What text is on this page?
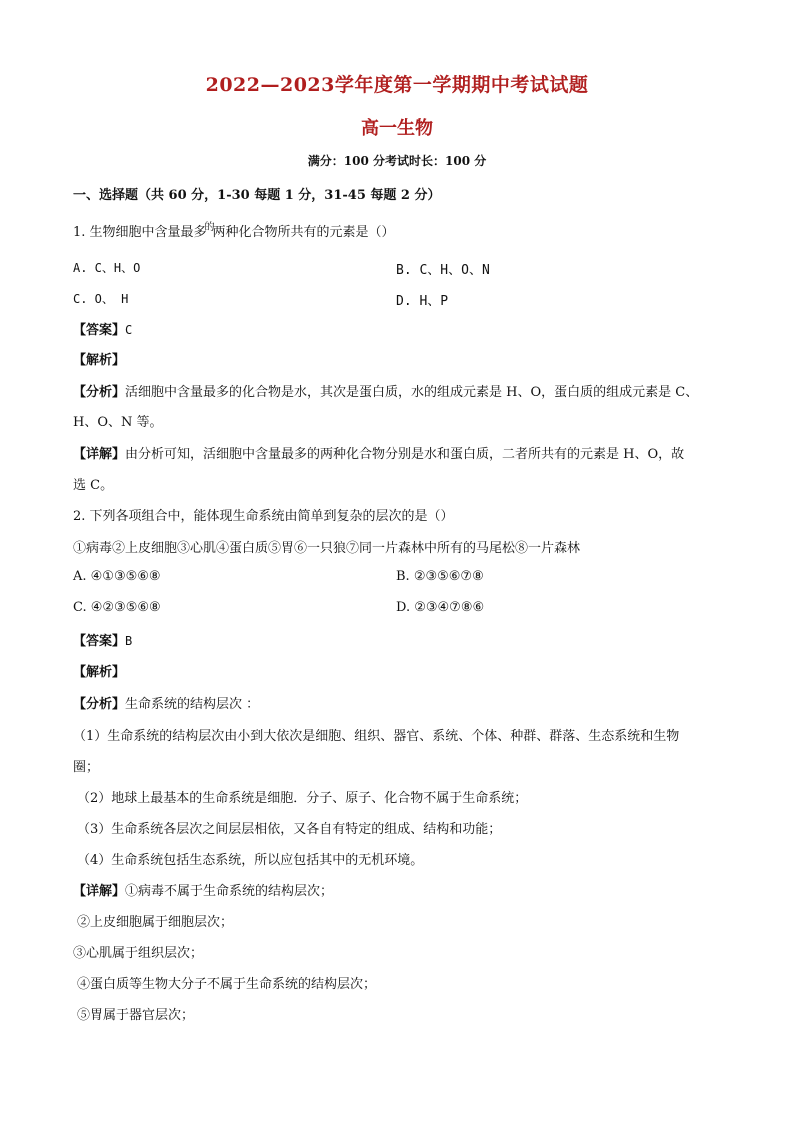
2022—2023学年度第一学期期中考试试题
高一生物
满分：100 分考试时长：100 分
一、选择题（共 60 分，1-30 每题 1 分，31-45 每题 2 分）
1. 生物细胞中含量最多$^的$两种化合物所共有的元素是（）
A. C、H、O	B. C、H、O、N
C. O、 H	D. H、P
【答案】C
【解析】
【分析】活细胞中含量最多的化合物是水，其次是蛋白质，水的组成元素是 H、O，蛋白质的组成元素是 C、
H、O、N 等。
【详解】由分析可知，活细胞中含量最多的两种化合物分别是水和蛋白质，二者所共有的元素是 H、O，故
选 C。
2. 下列各项组合中，能体现生命系统由简单到复杂的层次的是（）
①病毒②上皮细胞③心肌④蛋白质⑤胃⑥一只狼⑦同一片森林中所有的马尾松⑧一片森林
A. ④①③⑤⑥⑧	B. ②③⑤⑥⑦⑧
C. ④②③⑤⑥⑧	D. ②③④⑦⑧⑥
【答案】B
【解析】
【分析】生命系统的结构层次 ：
（1）生命系统的结构层次由小到大依次是细胞、组织、器官、系统、个体、种群、群落、生态系统和生物
圈；
（2）地球上最基本的生命系统是细胞．分子、原子、化合物不属于生命系统；
（3）生命系统各层次之间层层相依，又各自有特定的组成、结构和功能；
（4）生命系统包括生态系统，所以应包括其中的无机环境。
【详解】①病毒不属于生命系统的结构层次；
②上皮细胞属于细胞层次；
③心肌属于组织层次；
④蛋白质等生物大分子不属于生命系统的结构层次；
⑤胃属于器官层次；
